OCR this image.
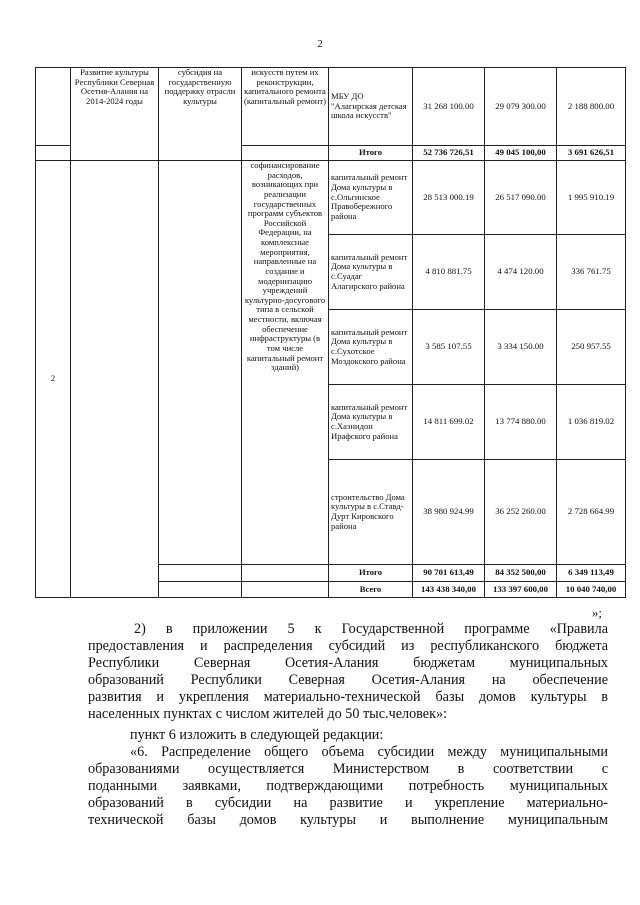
2
	Развитие культуры Республики Северная Осетия-Алания на 2014-2024 годы	субсидия на государственную поддержку отрасли культуры	искусств путем их реконструкции, капитального ремонта (капитальный ремонт)	МБУ ДО "Алагирская детская школа искусств"	31 268 100.00	29 079 300.00	2 188 800.00
				Итого	52 736 726,51	49 045 100,00	3 691 626,51
2			софинансирование расходов, возникающих при реализации государственных программ субъектов Российской Федерации, на комплексные мероприятия, направленные на создание и модернизацию учреждений культурно-досугового типа в сельской местности, включая обеспечение инфраструктуры (в том числе капитальный ремонт зданий)	капитальный ремонт Дома культуры в с.Ольгинское Правобережного района	28 513 000.19	26 517 090.00	1 995 910.19
				капитальный ремонт Дома культуры в с.Суадаг Алагирского района	4 810 881.75	4 474 120.00	336 761.75
				капитальный ремонт Дома культуры в с.Сухотское Моздокского района	3 585 107.55	3 334 150.00	250 957.55
				капитальный ремонт Дома культуры в с.Хазнидон Ирафского района	14 811 699.02	13 774 880.00	1 036 819.02
				строительство Дома культуры в с.Ставд-Дурт Кировского района	38 980 924.99	36 252 260.00	2 728 664.99
				Итого	90 701 613,49	84 352 500,00	6 349 113,49
				Всего	143 438 340,00	133 397 600,00	10 040 740,00
»;
2) в приложении 5 к Государственной программе «Правила
предоставления и распределения субсидий из республиканского бюджета
Республики Северная Осетия-Алания бюджетам муниципальных
образований Республики Северная Осетия-Алания на обеспечение
развития и укрепления материально-технической базы домов культуры в
населенных пунктах с числом жителей до 50 тыс.человек»:
пункт 6 изложить в следующей редакции:
«6. Распределение общего объема субсидии между муниципальными
образованиями осуществляется Министерством в соответствии с
поданными заявками, подтверждающими потребность муниципальных
образований в субсидии на развитие и укрепление материально-
технической базы домов культуры и выполнение муниципальным
